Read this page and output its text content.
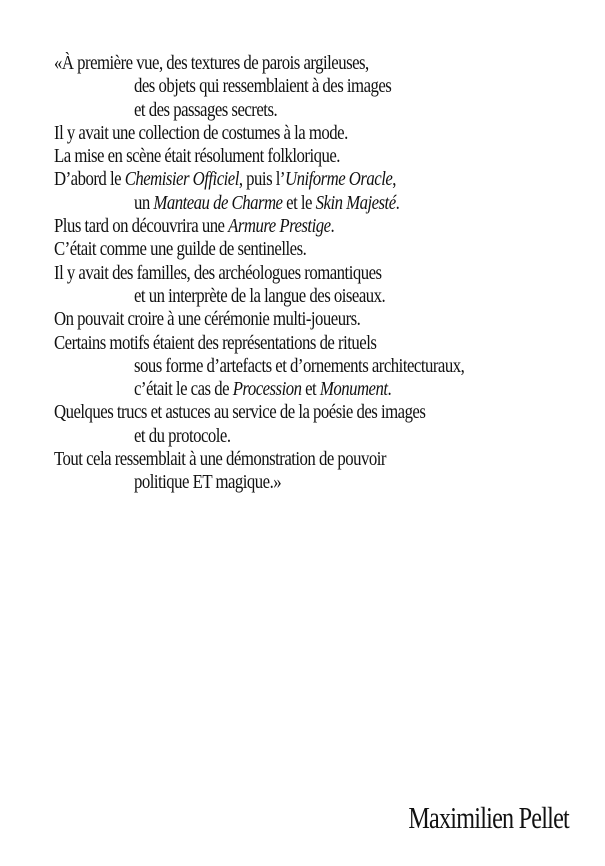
«À première vue, des textures de parois argileuses,
des objets qui ressemblaient à des images
et des passages secrets.
Il y avait une collection de costumes à la mode.
La mise en scène était résolument folklorique.
D’abord le Chemisier Officiel, puis l’Uniforme Oracle,
un Manteau de Charme et le Skin Majesté.
Plus tard on découvrira une Armure Prestige.
C’était comme une guilde de sentinelles.
Il y avait des familles, des archéologues romantiques
et un interprète de la langue des oiseaux.
On pouvait croire à une cérémonie multi-joueurs.
Certains motifs étaient des représentations de rituels
sous forme d’artefacts et d’ornements architecturaux,
c’était le cas de Procession et Monument.
Quelques trucs et astuces au service de la poésie des images
et du protocole.
Tout cela ressemblait à une démonstration de pouvoir
politique ET magique.»
Maximilien Pellet
